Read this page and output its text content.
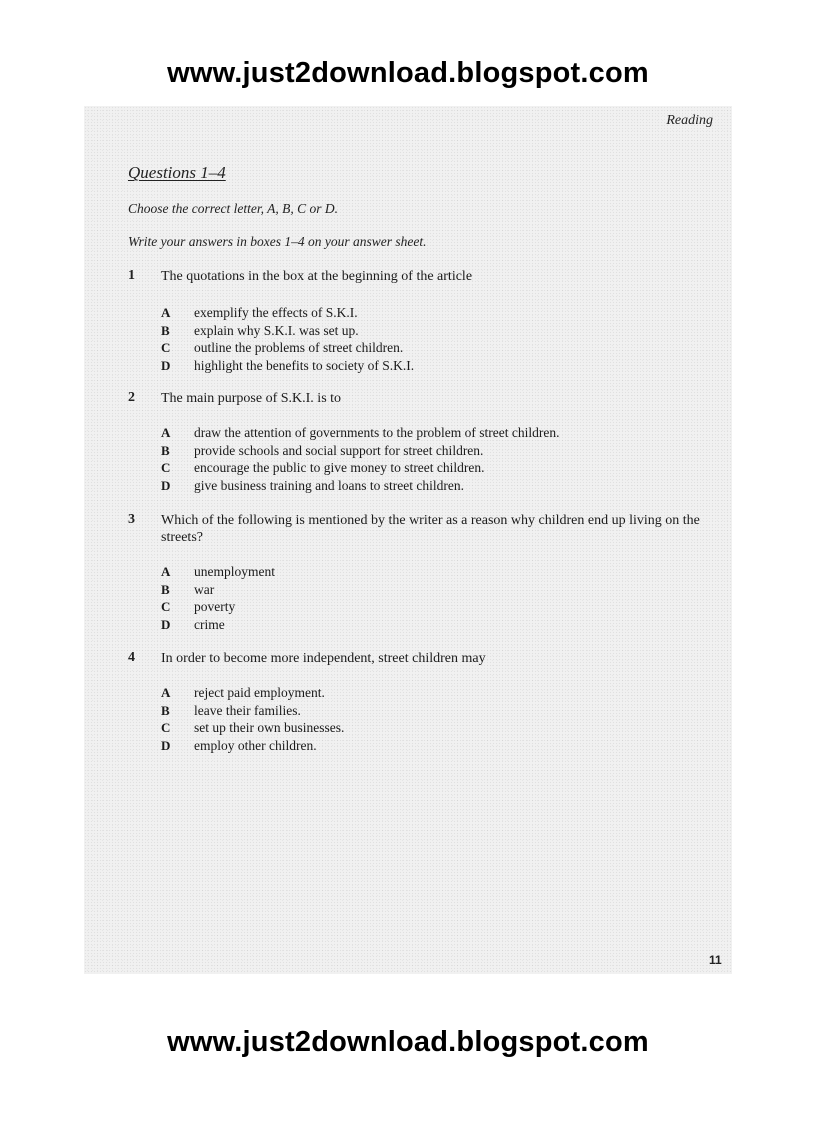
www.just2download.blogspot.com
Reading
Questions 1–4
Choose the correct letter, A, B, C or D.
Write your answers in boxes 1–4 on your answer sheet.
1 The quotations in the box at the beginning of the article
A exemplify the effects of S.K.I.
B explain why S.K.I. was set up.
C outline the problems of street children.
D highlight the benefits to society of S.K.I.
2 The main purpose of S.K.I. is to
A draw the attention of governments to the problem of street children.
B provide schools and social support for street children.
C encourage the public to give money to street children.
D give business training and loans to street children.
3 Which of the following is mentioned by the writer as a reason why children end up living on the streets?
A unemployment
B war
C poverty
D crime
4 In order to become more independent, street children may
A reject paid employment.
B leave their families.
C set up their own businesses.
D employ other children.
11
www.just2download.blogspot.com
